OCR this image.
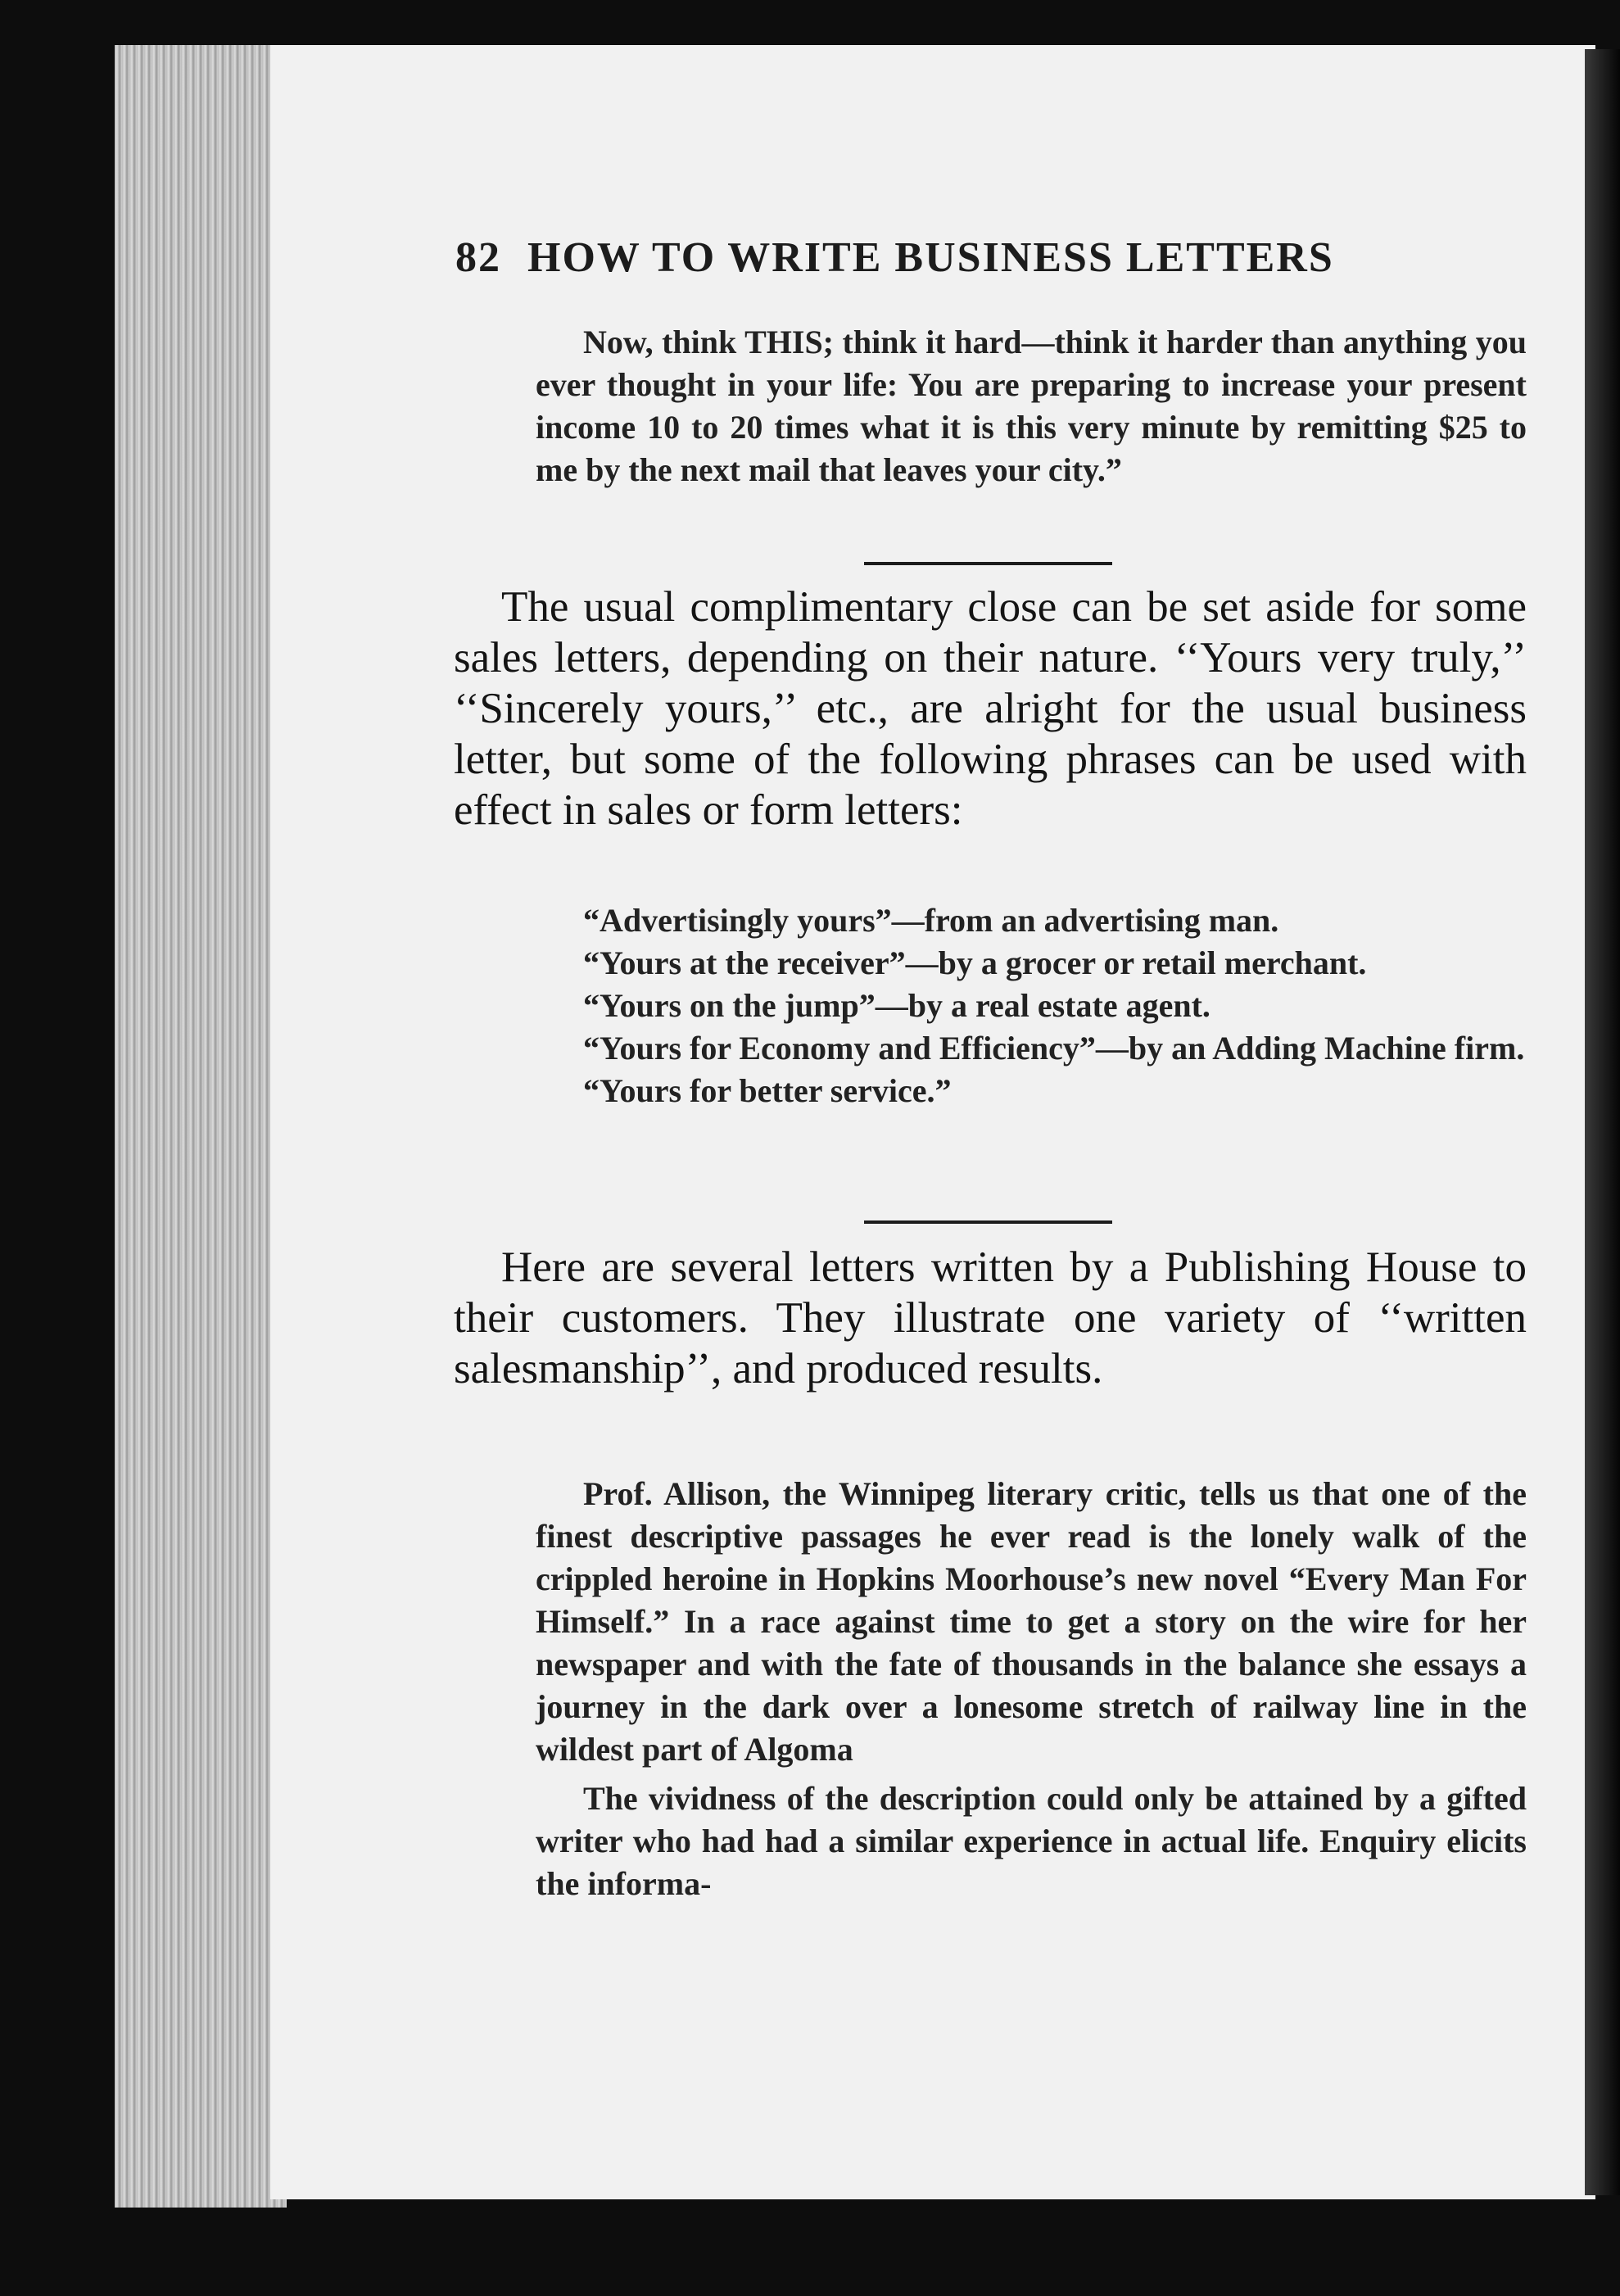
82 HOW TO WRITE BUSINESS LETTERS

Now, think THIS; think it hard—think it harder than anything you ever thought in your life: You are preparing to increase your present income 10 to 20 times what it is this very minute by remitting $25 to me by the next mail that leaves your city.”

The usual complimentary close can be set aside for some sales letters, depending on their nature. ‘‘Yours very truly,’’ ‘‘Sincerely yours,’’ etc., are alright for the usual business letter, but some of the following phrases can be used with effect in sales or form letters:

“Advertisingly yours”—from an advertising man.

“Yours at the receiver”—by a grocer or retail merchant.

“Yours on the jump”—by a real estate agent.

“Yours for Economy and Efficiency”—by an Adding Machine firm.

“Yours for better service.”

Here are several letters written by a Publishing House to their customers. They illustrate one variety of ‘‘written salesmanship’’, and produced results.

Prof. Allison, the Winnipeg literary critic, tells us that one of the finest descriptive passages he ever read is the lonely walk of the crippled heroine in Hopkins Moorhouse’s new novel “Every Man For Himself.” In a race against time to get a story on the wire for her newspaper and with the fate of thousands in the balance she essays a journey in the dark over a lonesome stretch of railway line in the wildest part of Algoma

The vividness of the description could only be attained by a gifted writer who had had a similar experience in actual life. Enquiry elicits the informa-
